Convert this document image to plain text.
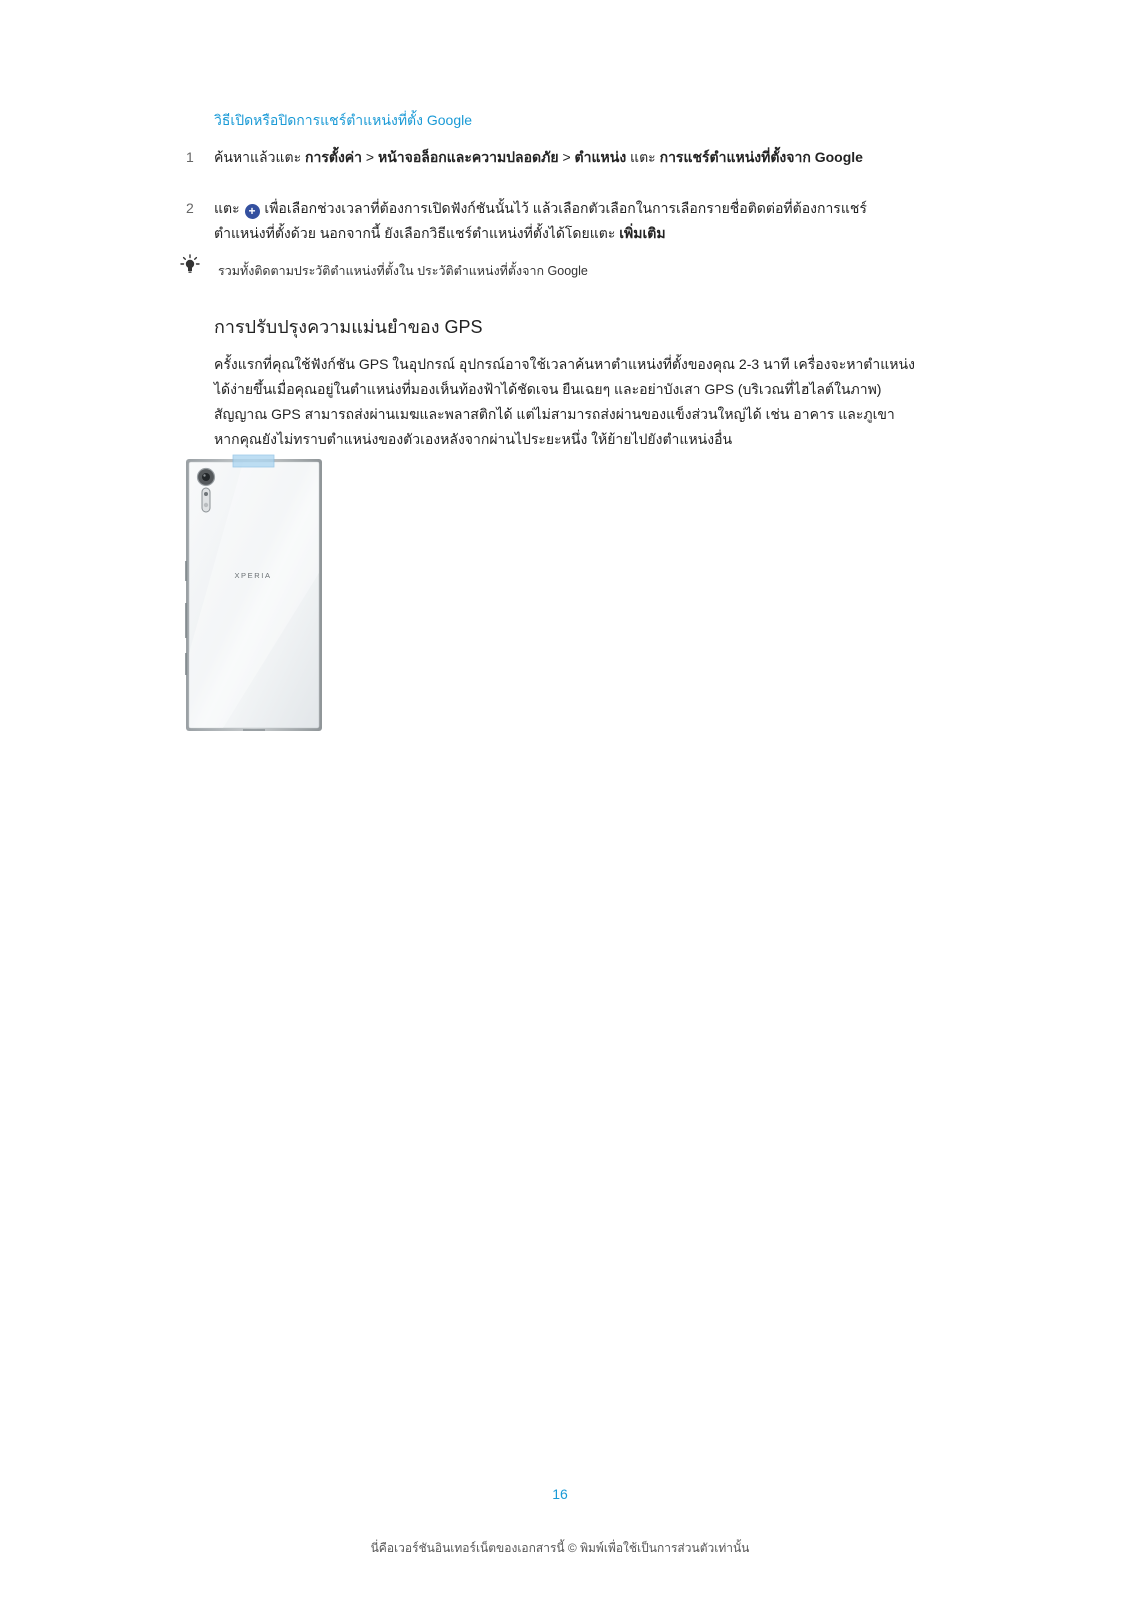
วิธีเปิดหรือปิดการแชร์ตำแหน่งที่ตั้ง Google
1	ค้นหาแล้วแตะ การตั้งค่า > หน้าจอล็อกและความปลอดภัย > ตำแหน่ง แตะ การแชร์ตำแหน่งที่ตั้งจาก Google
2	แตะ + เพื่อเลือกช่วงเวลาที่ต้องการเปิดฟังก์ชันนั้นไว้ แล้วเลือกตัวเลือกในการเลือกรายชื่อติดต่อที่ต้องการแชร์ตำแหน่งที่ตั้งด้วย นอกจากนี้ ยังเลือกวิธีแชร์ตำแหน่งที่ตั้งได้โดยแตะ เพิ่มเติม
รวมทั้งติดตามประวัติตำแหน่งที่ตั้งใน ประวัติตำแหน่งที่ตั้งจาก Google
การปรับปรุงความแม่นยำของ GPS
ครั้งแรกที่คุณใช้ฟังก์ชัน GPS ในอุปกรณ์ อุปกรณ์อาจใช้เวลาค้นหาตำแหน่งที่ตั้งของคุณ 2-3 นาที เครื่องจะหาตำแหน่ง
ได้ง่ายขึ้นเมื่อคุณอยู่ในตำแหน่งที่มองเห็นท้องฟ้าได้ชัดเจน ยืนเฉยๆ และอย่าบังเสา GPS (บริเวณที่ไฮไลต์ในภาพ)
สัญญาณ GPS สามารถส่งผ่านเมฆและพลาสติกได้ แต่ไม่สามารถส่งผ่านของแข็งส่วนใหญ่ได้ เช่น อาคาร และภูเขา
หากคุณยังไม่ทราบตำแหน่งของตัวเองหลังจากผ่านไประยะหนึ่ง ให้ย้ายไปยังตำแหน่งอื่น
XPERIA
16
นี่คือเวอร์ชันอินเทอร์เน็ตของเอกสารนี้ © พิมพ์เพื่อใช้เป็นการส่วนตัวเท่านั้น
